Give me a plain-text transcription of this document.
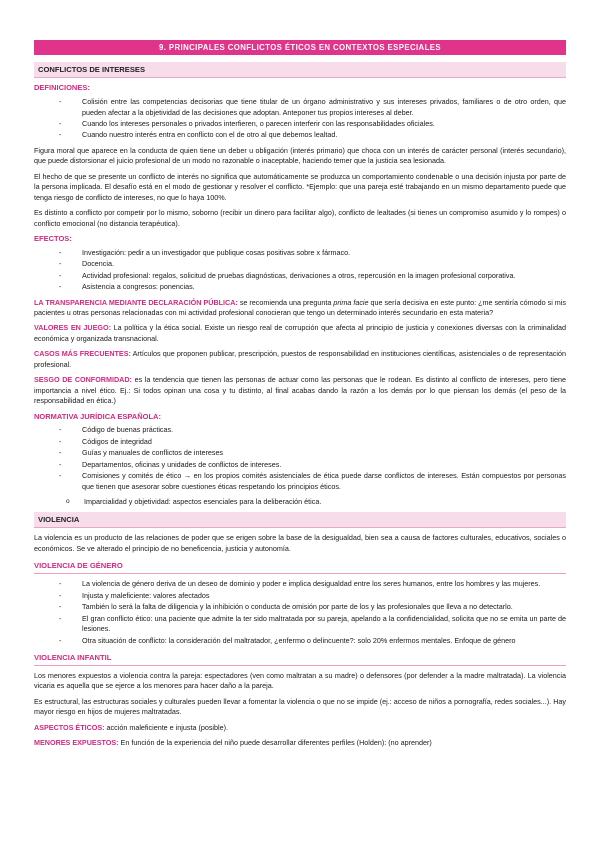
9. PRINCIPALES CONFLICTOS ÉTICOS EN CONTEXTOS ESPECIALES
CONFLICTOS DE INTERESES
DEFINICIONES:
- Colisión entre las competencias decisorias que tiene titular de un órgano administrativo y sus intereses privados, familiares o de otro orden, que pueden afectar a la objetividad de las decisiones que adoptan. Anteponer tus propios intereses al deber.
- Cuando los intereses personales o privados interfieren, o parecen interferir con las responsabilidades oficiales.
- Cuando nuestro interés entra en conflicto con el de otro al que debemos lealtad.

Figura moral que aparece en la conducta de quien tiene un deber u obligación (interés primario) que choca con un interés de carácter personal (interés secundario), que puede distorsionar el juicio profesional de un modo no razonable o inaceptable, haciendo temer que la justicia sea lesionada.

El hecho de que se presente un conflicto de interés no significa que automáticamente se produzca un comportamiento condenable o una decisión injusta por parte de la persona implicada. El desafío está en el modo de gestionar y resolver el conflicto. *Ejemplo: que una pareja esté trabajando en un mismo departamento puede que tenga riesgo de conflicto de intereses, no que lo haya 100%.

Es distinto a conflicto por competir por lo mismo, soborno (recibir un dinero para facilitar algo), conflicto de lealtades (si tienes un compromiso asumido y lo rompes) o conflicto emocional (no distancia terapéutica).

EFECTOS:
- Investigación: pedir a un investigador que publique cosas positivas sobre x fármaco.
- Docencia.
- Actividad profesional: regalos, solicitud de pruebas diagnósticas, derivaciones a otros, repercusión en la imagen profesional corporativa.
- Asistencia a congresos: ponencias.

LA TRANSPARENCIA MEDIANTE DECLARACIÓN PÚBLICA: se recomienda una pregunta prima facie que sería decisiva en este punto: ¿me sentiría cómodo si mis pacientes u otras personas relacionadas con mi actividad profesional conocieran que tengo un determinado interés secundario en esta materia?

VALORES EN JUEGO: La política y la ética social. Existe un riesgo real de corrupción que afecta al principio de justicia y conexiones diversas con la criminalidad económica y organizada transnacional.

CASOS MÁS FRECUENTES: Artículos que proponen publicar, prescripción, puestos de responsabilidad en instituciones científicas, asistenciales o de representación profesional.

SESGO DE CONFORMIDAD: es la tendencia que tienen las personas de actuar como las personas que le rodean. Es distinto al conflicto de intereses, pero tiene importancia a nivel ético. Ej.: Si todos opinan una cosa y tu distinto, al final acabas dando la razón a los demás por lo que piensan los demás (el peso de la responsabilidad en ética.)

NORMATIVA JURÍDICA ESPAÑOLA:
- Código de buenas prácticas.
- Códigos de integridad
- Guías y manuales de conflictos de intereses
- Departamentos, oficinas y unidades de conflictos de intereses.
- Comisiones y comités de ético → en los propios comités asistenciales de ética puede darse conflictos de intereses. Están compuestos por personas que tienen que asesorar sobre cuestiones éticas respetando los principios éticos.
o Imparcialidad y objetividad: aspectos esenciales para la deliberación ética.
VIOLENCIA

La violencia es un producto de las relaciones de poder que se erigen sobre la base de la desigualdad, bien sea a causa de factores culturales, educativos, sociales o económicos. Se ve alterado el principio de no beneficencia, justicia y autonomía.

VIOLENCIA DE GÉNERO
- La violencia de género deriva de un deseo de dominio y poder e implica desigualdad entre los seres humanos, entre los hombres y las mujeres.
- Injusta y maleficiente: valores afectados
- También lo será la falta de diligencia y la inhibición o conducta de omisión por parte de los y las profesionales que lleva a no detectarlo.
- El gran conflicto ético: una paciente que admite la ter sido maltratada por su pareja, apelando a la confidencialidad, solicita que no se emita un parte de lesiones.
- Otra situación de conflicto: la consideración del maltratador, ¿enfermo o delincuente?: solo 20% enfermos mentales. Enfoque de género
VIOLENCIA INFANTIL

Los menores expuestos a violencia contra la pareja: espectadores (ven como maltratan a su madre) o defensores (por defender a la madre maltratada). La violencia vicaria es aquella que se ejerce a los menores para hacer daño a la pareja.

Es estructural, las estructuras sociales y culturales pueden llevar a fomentar la violencia o que no se impide (ej.: acceso de niños a pornografía, redes sociales...). Hay mayor riesgo en hijos de mujeres maltratadas.

ASPECTOS ÉTICOS: acción maleficiente e injusta (posible).

MENORES EXPUESTOS: En función de la experiencia del niño puede desarrollar diferentes perfiles (Holden): (no aprender)
